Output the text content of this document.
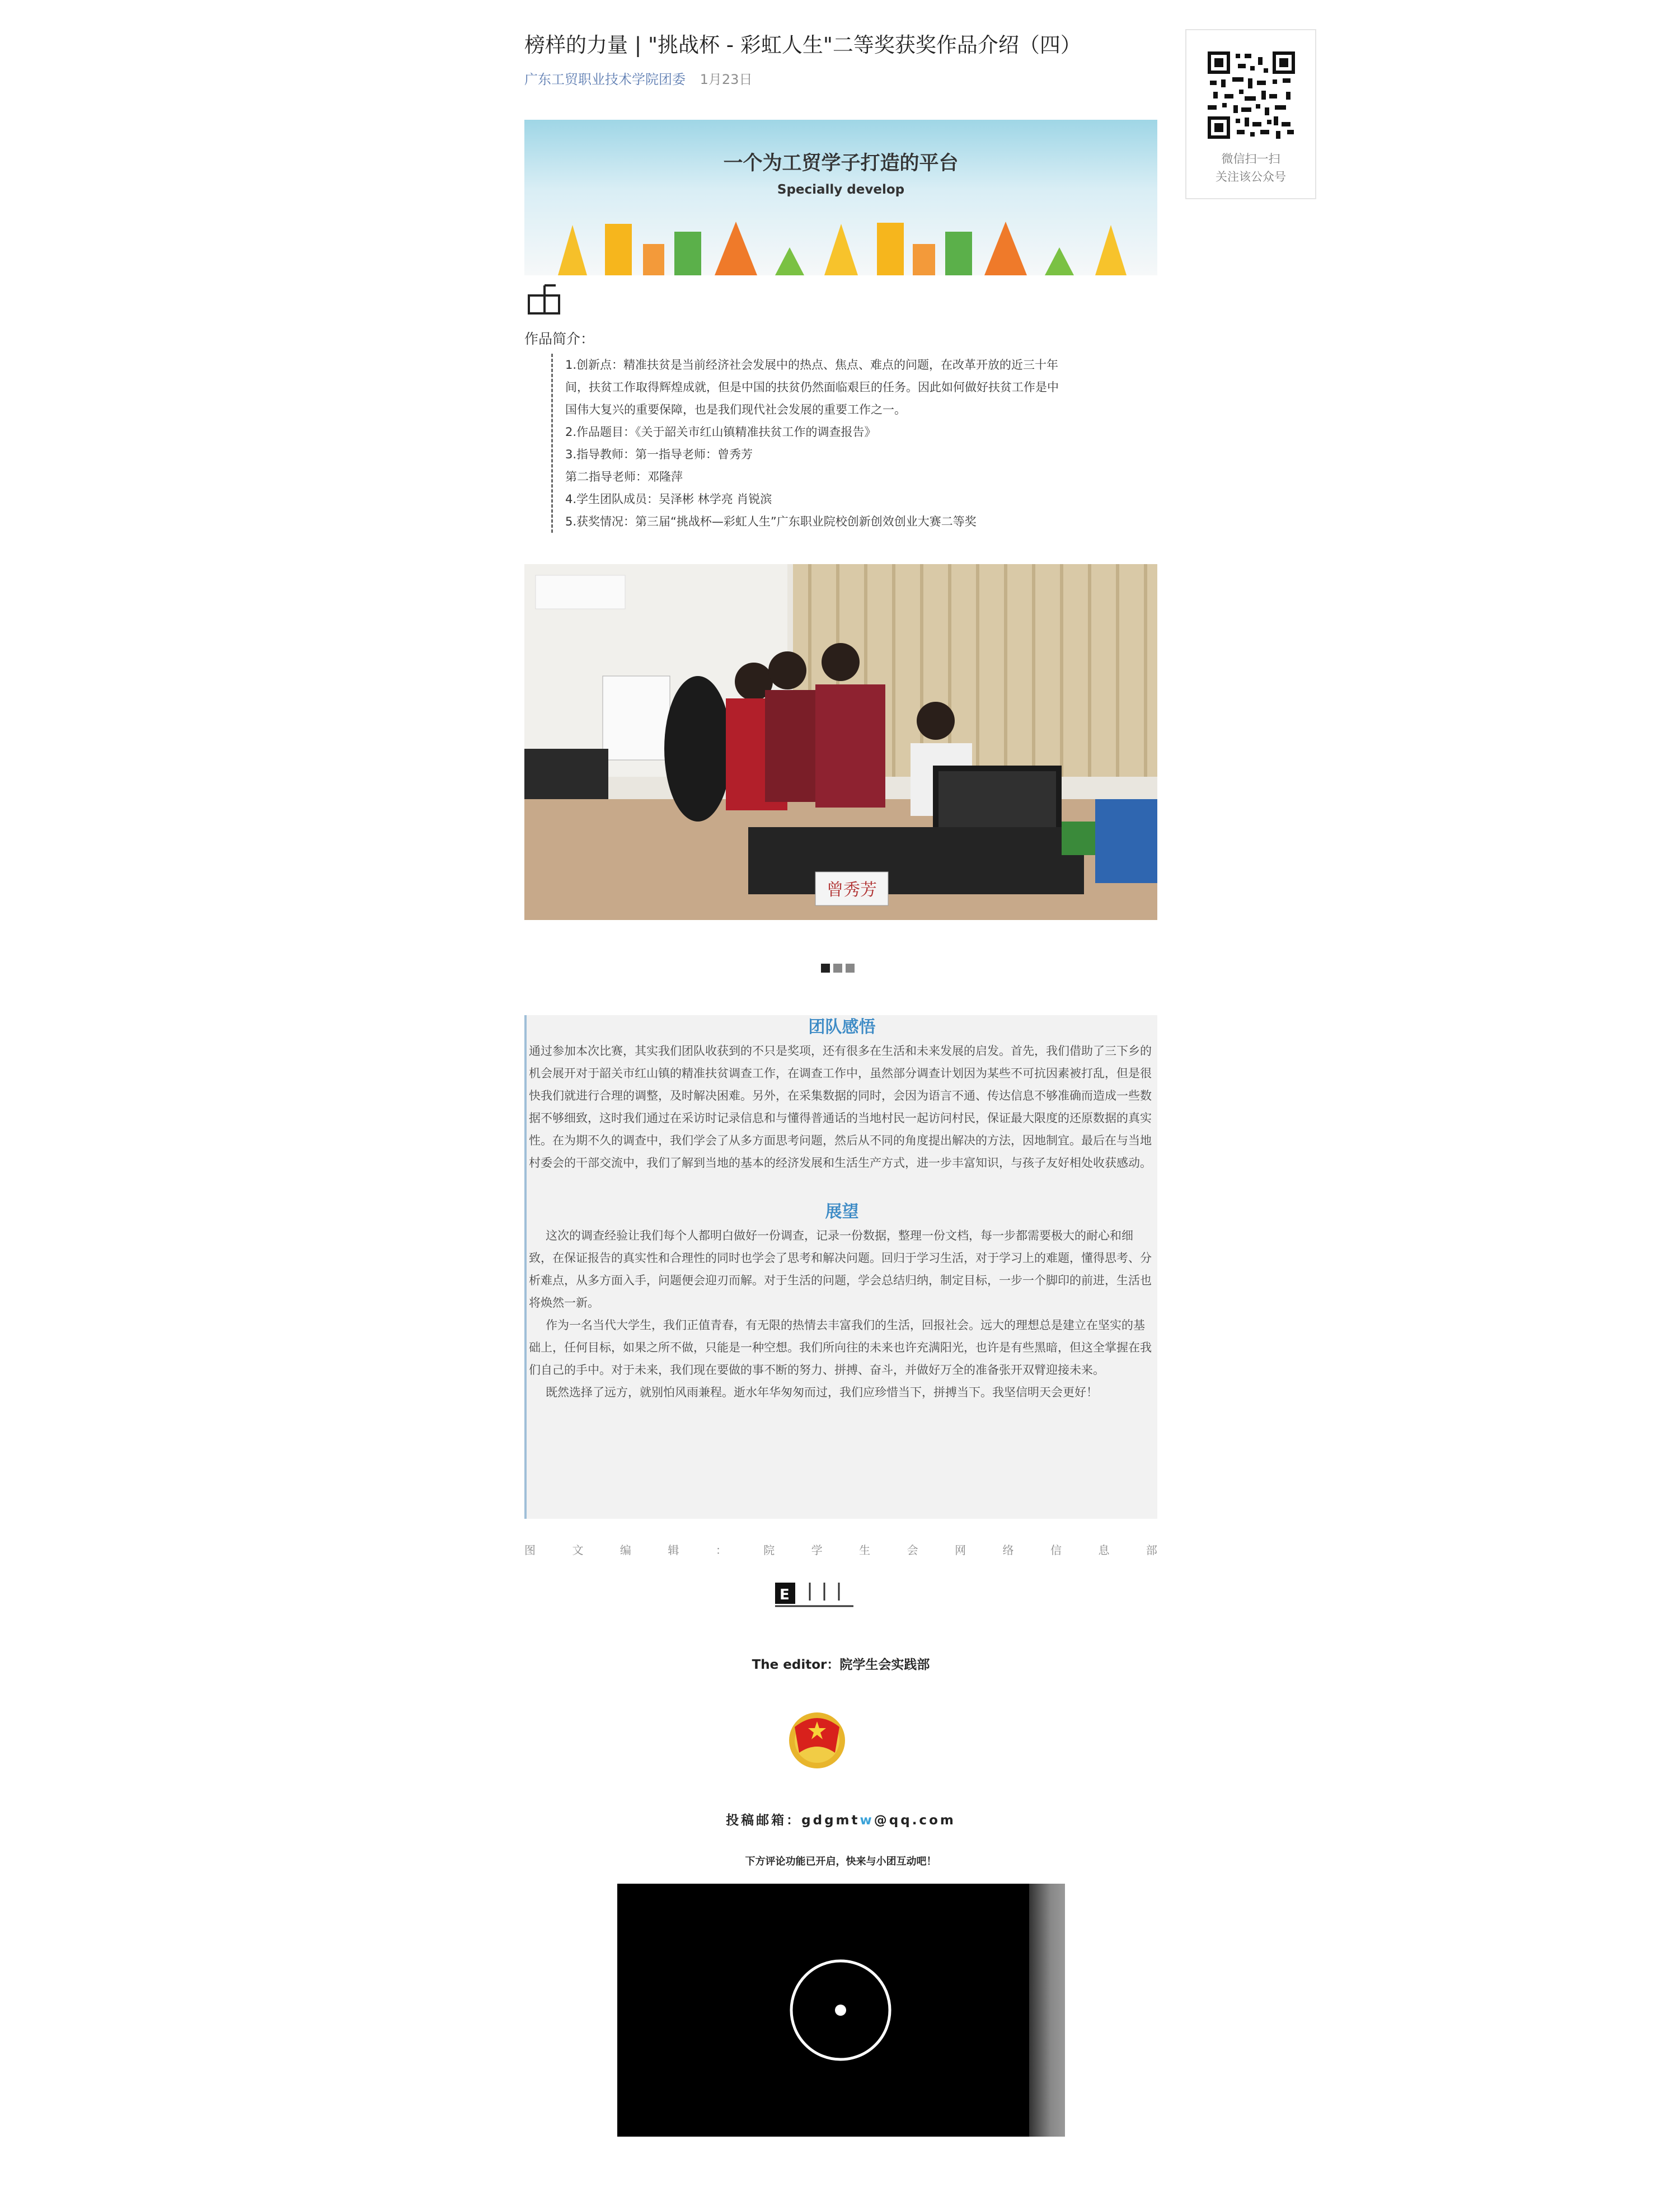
榜样的力量 | "挑战杯 - 彩虹人生"二等奖获奖作品介绍（四）
广东工贸职业技术学院团委 1月23日
一个为工贸学子打造的平台
Specially develop
作品简介：

1.创新点：精准扶贫是当前经济社会发展中的热点、焦点、难点的问题，在改革开放的近三十年

间，扶贫工作取得辉煌成就，但是中国的扶贫仍然面临艰巨的任务。因此如何做好扶贫工作是中

国伟大复兴的重要保障，也是我们现代社会发展的重要工作之一。

2.作品题目：《关于韶关市红山镇精准扶贫工作的调查报告》

3.指导教师：第一指导老师：曾秀芳

第二指导老师：邓隆萍

4.学生团队成员：吴泽彬 林学亮 肖锐滨

5.获奖情况：第三届“挑战杯—彩虹人生”广东职业院校创新创效创业大赛二等奖

曾秀芳
团队感悟

通过参加本次比赛，其实我们团队收获到的不只是奖项，还有很多在生活和未来发展的启发。首先，我们借助了三下乡的机会展开对于韶关市红山镇的精准扶贫调查工作，在调查工作中，虽然部分调查计划因为某些不可抗因素被打乱，但是很快我们就进行合理的调整，及时解决困难。另外，在采集数据的同时，会因为语言不通、传达信息不够准确而造成一些数据不够细致，这时我们通过在采访时记录信息和与懂得普通话的当地村民一起访问村民，保证最大限度的还原数据的真实性。在为期不久的调查中，我们学会了从多方面思考问题，然后从不同的角度提出解决的方法，因地制宜。最后在与当地村委会的干部交流中，我们了解到当地的基本的经济发展和生活生产方式，进一步丰富知识，与孩子友好相处收获感动。

展望

这次的调查经验让我们每个人都明白做好一份调查，记录一份数据，整理一份文档，每一步都需要极大的耐心和细致，在保证报告的真实性和合理性的同时也学会了思考和解决问题。回归于学习生活，对于学习上的难题，懂得思考、分析难点，从多方面入手，问题便会迎刃而解。对于生活的问题，学会总结归纳，制定目标，一步一个脚印的前进，生活也将焕然一新。

作为一名当代大学生，我们正值青春，有无限的热情去丰富我们的生活，回报社会。远大的理想总是建立在坚实的基础上，任何目标，如果之所不做，只能是一种空想。我们所向往的未来也许充满阳光，也许是有些黑暗，但这全掌握在我们自己的手中。对于未来，我们现在要做的事不断的努力、拼搏、奋斗，并做好万全的准备张开双臂迎接未来。

既然选择了远方，就别怕风雨兼程。逝水年华匆匆而过，我们应珍惜当下，拼搏当下。我坚信明天会更好！

图	文	编	辑	：	院	学	生	会	网	络	信	息	部
E
The editor：院学生会实践部
投稿邮箱：gdgmtw@qq.com
下方评论功能已开启，快来与小团互动吧！
微信扫一扫
关注该公众号
